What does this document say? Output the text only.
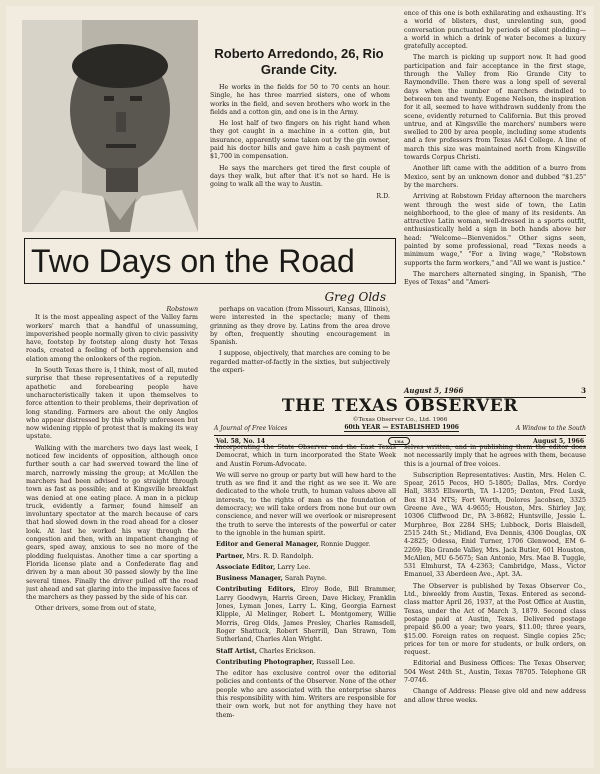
Roberto Arredondo, 26, Rio Grande City.

He works in the fields for 50 to 70 cents an hour. Single, he has three married sisters, one of whom works in the field, and seven brothers who work in the fields and a cotton gin, and one is in the Army.

He lost half of two fingers on his right hand when they got caught in a machine in a cotton gin, but insurance, apparently some taken out by the gin owner, paid his doctor bills and gave him a cash payment of $1,700 in compensation.

He says the marchers get tired the first couple of days they walk, but after that it's not so hard. He is going to walk all the way to Austin.

R.D.
Two Days on the Road
Greg Olds
Robstown

It is the most appealing aspect of the Valley farm workers' march that a handful of unassuming, impoverished people normally given to civic passivity have, footstep by footstep along dusty hot Texas roads, created a feeling of both apprehension and elation among the onlookers of the region.

In South Texas there is, I think, most of all, muted surprise that these representatives of a reputedly apathetic and forebearing people have uncharacteristically taken it upon themselves to force attention to their problems, their deprivation of long standing. Farmers are about the only Anglos who appear distressed by this wholly unforeseen but now widening ripple of protest that is making its way upstate.

Walking with the marchers two days last week, I noticed few incidents of opposition, although once further south a car had swerved toward the line of march, narrowly missing the group; at McAllen the marchers had been advised to go straight through town as fast as possible; and at Kingsville breakfast was denied at one eating place. A man in a pickup truck, evidently a farmer, found himself an involuntary spectator at the march because of cars that had slowed down in the road ahead for a closer look. At last he worked his way through the congestion and then, with an impatient changing of gears, sped away, anxious to see no more of the plodding fuelquistas. Another time a car sporting a Florida license plate and a Confederate flag and driven by a man about 30 passed slowly by the line several times. Finally the driver pulled off the road just ahead and sat glaring into the impassive faces of the marchers as they passed by the side of his car.

Other drivers, some from out of state,

perhaps on vacation (from Missouri, Kansas, Illinois), were interested in the spectacle; many of them grinning as they drove by. Latins from the area drove by often, frequently shouting encouragement in Spanish.

I suppose, objectively, that marches are coming to be regarded matter-of-factly in the sixties, but subjectively the experi-

ence of this one is both exhilarating and exhausting. It's a world of blisters, dust, unrelenting sun, good conversation punctuated by periods of silent plodding—a world in which a drink of water becomes a luxury gratefully accepted.

The march is picking up support now. It had good participation and fair acceptance in the first stage, through the Valley from Rio Grande City to Raymondville. Then there was a long spell of several days when the number of marchers dwindled to between ten and twenty. Eugene Nelson, the inspiration for it all, seemed to have withdrawn suddenly from the scene, evidently returned to California. But this proved untrue, and at Kingsville the marchers' numbers were swelled to 200 by area people, including some students and a few professors from Texas A&I College. A line of march this size was maintained north from Kingsville towards Corpus Christi.

Another lift came with the addition of a burro from Mexico, sent by an unknown donor and dubbed "$1.25" by the marchers.

Arriving at Robstown Friday afternoon the marchers went through the west side of town, the Latin neighborhood, to the glee of many of its residents. An attractive Latin woman, well-dressed in a sports outfit, enthusiastically held a sign in both hands above her head: "Welcome—Bienvenidos." Other signs seen, painted by some professional, read "Texas needs a minimum wage," "For a living wage," "Robstown supports the farm workers," and "All we want is justice."

The marchers alternated singing, in Spanish, "The Eyes of Texas" and "Ameri-

August 5, 1966	3
THE TEXAS OBSERVER
©Texas Observer Co., Ltd. 1966
A Journal of Free Voices	60th YEAR — ESTABLISHED 1906	A Window to the South
Vol. 58, No. 14	USA	August 5, 1966

Incorporating the State Observer and the East Texas Democrat, which in turn incorporated the State Week and Austin Forum-Advocate.

We will serve no group or party but will hew hard to the truth as we find it and the right as we see it. We are dedicated to the whole truth, to human values above all interests, to the rights of man as the foundation of democracy; we will take orders from none but our own conscience, and never will we overlook or misrepresent the truth to serve the interests of the powerful or cater to the ignoble in the human spirit.

Editor and General Manager, Ronnie Dugger.

Partner, Mrs. R. D. Randolph.

Associate Editor, Larry Lee.

Business Manager, Sarah Payne.

Contributing Editors, Elroy Bode, Bill Brammer, Larry Goodwyn, Harris Green, Dave Hickey, Franklin Jones, Lyman Jones, Larry L. King, Georgia Earnest Klipple, Al Melinger, Robert L. Montgomery, Willie Morris, Greg Olds, James Presley, Charles Ramsdell, Roger Shattuck, Robert Sherrill, Dan Strawn, Tom Sutherland, Charles Alan Wright.

Staff Artist, Charles Erickson.

Contributing Photographer, Russell Lee.

The editor has exclusive control over the editorial policies and contents of the Observer. None of the other people who are associated with the enterprise shares this responsibility with him. Writers are responsible for their own work, but not for anything they have not them-

selves written, and in publishing them the editor does not necessarily imply that he agrees with them, because this is a journal of free voices.

Subscription Representatives: Austin, Mrs. Helen C. Spear, 2615 Pecos, HO 5-1805; Dallas, Mrs. Cordye Hall, 3835 Ellsworth, TA 1-1205; Denton, Fred Lusk, Box 8134 NTS; Fort Worth, Dolores Jacobsen, 3325 Greene Ave., WA 4-9655; Houston, Mrs. Shirley Jay, 10306 Cliffwood Dr., PA 3-8682; Huntsville, Jessie L. Murphree, Box 2284 SHS; Lubbock, Doris Blaisdell, 2515 24th St.; Midland, Eva Dennis, 4306 Douglas, OX 4-2825; Odessa, Enid Turner, 1706 Glenwood, EM 6-2269; Rio Grande Valley, Mrs. Jack Butler, 601 Houston, McAllen, MU 6-5675; San Antonio, Mrs. Mae B. Tuggle, 531 Elmhurst, TA 4-2363; Cambridge, Mass., Victor Emanuel, 33 Aberdeen Ave., Apt. 3A.

The Observer is published by Texas Observer Co., Ltd., biweekly from Austin, Texas. Entered as second-class matter April 26, 1937, at the Post Office at Austin, Texas, under the Act of March 3, 1879. Second class postage paid at Austin, Texas. Delivered postage prepaid $6.00 a year; two years, $11.00; three years, $15.00. Foreign rates on request. Single copies 25c; prices for ten or more for students, or bulk orders, on request.

Editorial and Business Offices: The Texas Observer, 504 West 24th St., Austin, Texas 78705. Telephone GR 7-0746.

Change of Address: Please give old and new address and allow three weeks.
